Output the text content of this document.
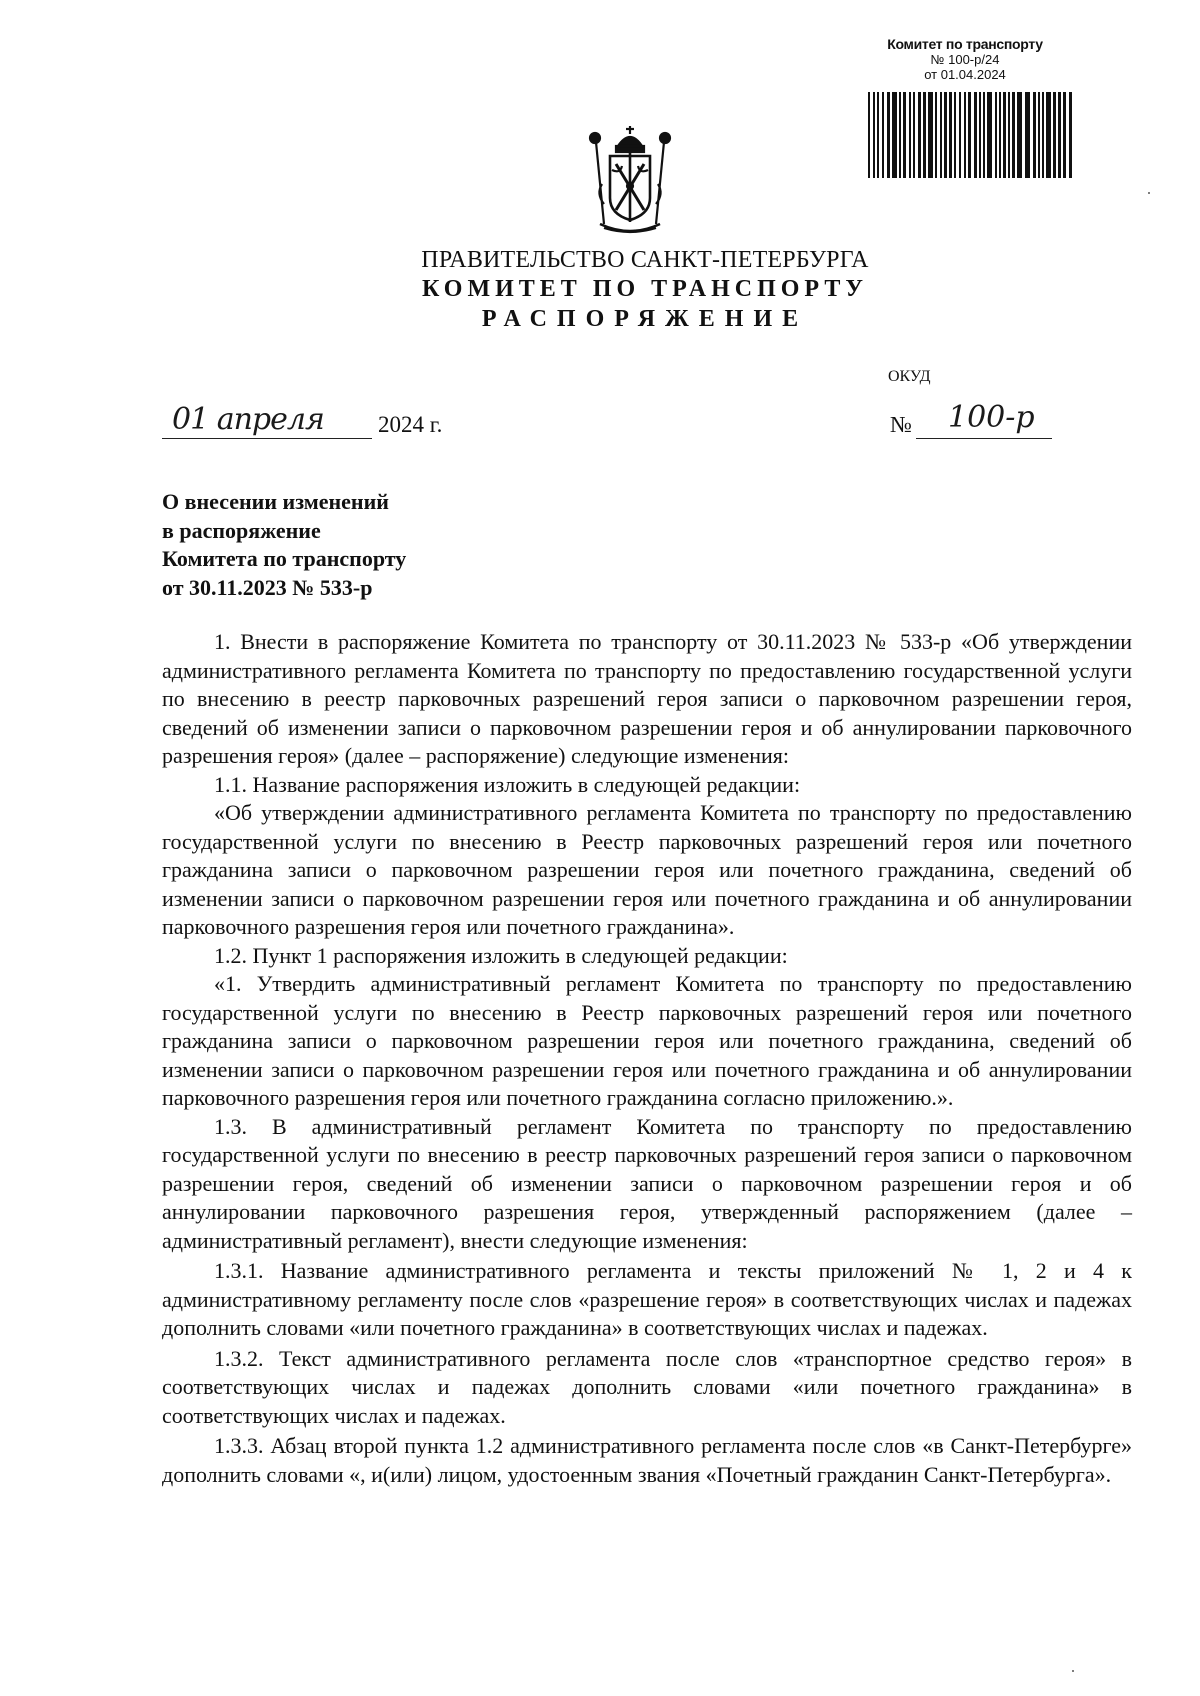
Комитет по транспорту
№ 100-р/24
от 01.04.2024
ПРАВИТЕЛЬСТВО САНКТ-ПЕТЕРБУРГА
КОМИТЕТ ПО ТРАНСПОРТУ
РАСПОРЯЖЕНИЕ
ОКУД
01 апреля 2024 г.	№ 100-р
О внесении изменений
в распоряжение
Комитета по транспорту
от 30.11.2023 № 533-р

1. Внести в распоряжение Комитета по транспорту от 30.11.2023 № 533-р «Об утверждении административного регламента Комитета по транспорту по предоставлению государственной услуги по внесению в реестр парковочных разрешений героя записи о парковочном разрешении героя, сведений об изменении записи о парковочном разрешении героя и об аннулировании парковочного разрешения героя» (далее – распоряжение) следующие изменения:

1.1. Название распоряжения изложить в следующей редакции:

«Об утверждении административного регламента Комитета по транспорту по предоставлению государственной услуги по внесению в Реестр парковочных разрешений героя или почетного гражданина записи о парковочном разрешении героя или почетного гражданина, сведений об изменении записи о парковочном разрешении героя или почетного гражданина и об аннулировании парковочного разрешения героя или почетного гражданина».

1.2. Пункт 1 распоряжения изложить в следующей редакции:

«1. Утвердить административный регламент Комитета по транспорту по предоставлению государственной услуги по внесению в Реестр парковочных разрешений героя или почетного гражданина записи о парковочном разрешении героя или почетного гражданина, сведений об изменении записи о парковочном разрешении героя или почетного гражданина и об аннулировании парковочного разрешения героя или почетного гражданина согласно приложению.».

1.3. В административный регламент Комитета по транспорту по предоставлению государственной услуги по внесению в реестр парковочных разрешений героя записи о парковочном разрешении героя, сведений об изменении записи о парковочном разрешении героя и об аннулировании парковочного разрешения героя, утвержденный распоряжением (далее – административный регламент), внести следующие изменения:

1.3.1. Название административного регламента и тексты приложений № 1, 2 и 4 к административному регламенту после слов «разрешение героя» в соответствующих числах и падежах дополнить словами «или почетного гражданина» в соответствующих числах и падежах.

1.3.2. Текст административного регламента после слов «транспортное средство героя» в соответствующих числах и падежах дополнить словами «или почетного гражданина» в соответствующих числах и падежах.

1.3.3. Абзац второй пункта 1.2 административного регламента после слов «в Санкт-Петербурге» дополнить словами «, и(или) лицом, удостоенным звания «Почетный гражданин Санкт-Петербурга».
